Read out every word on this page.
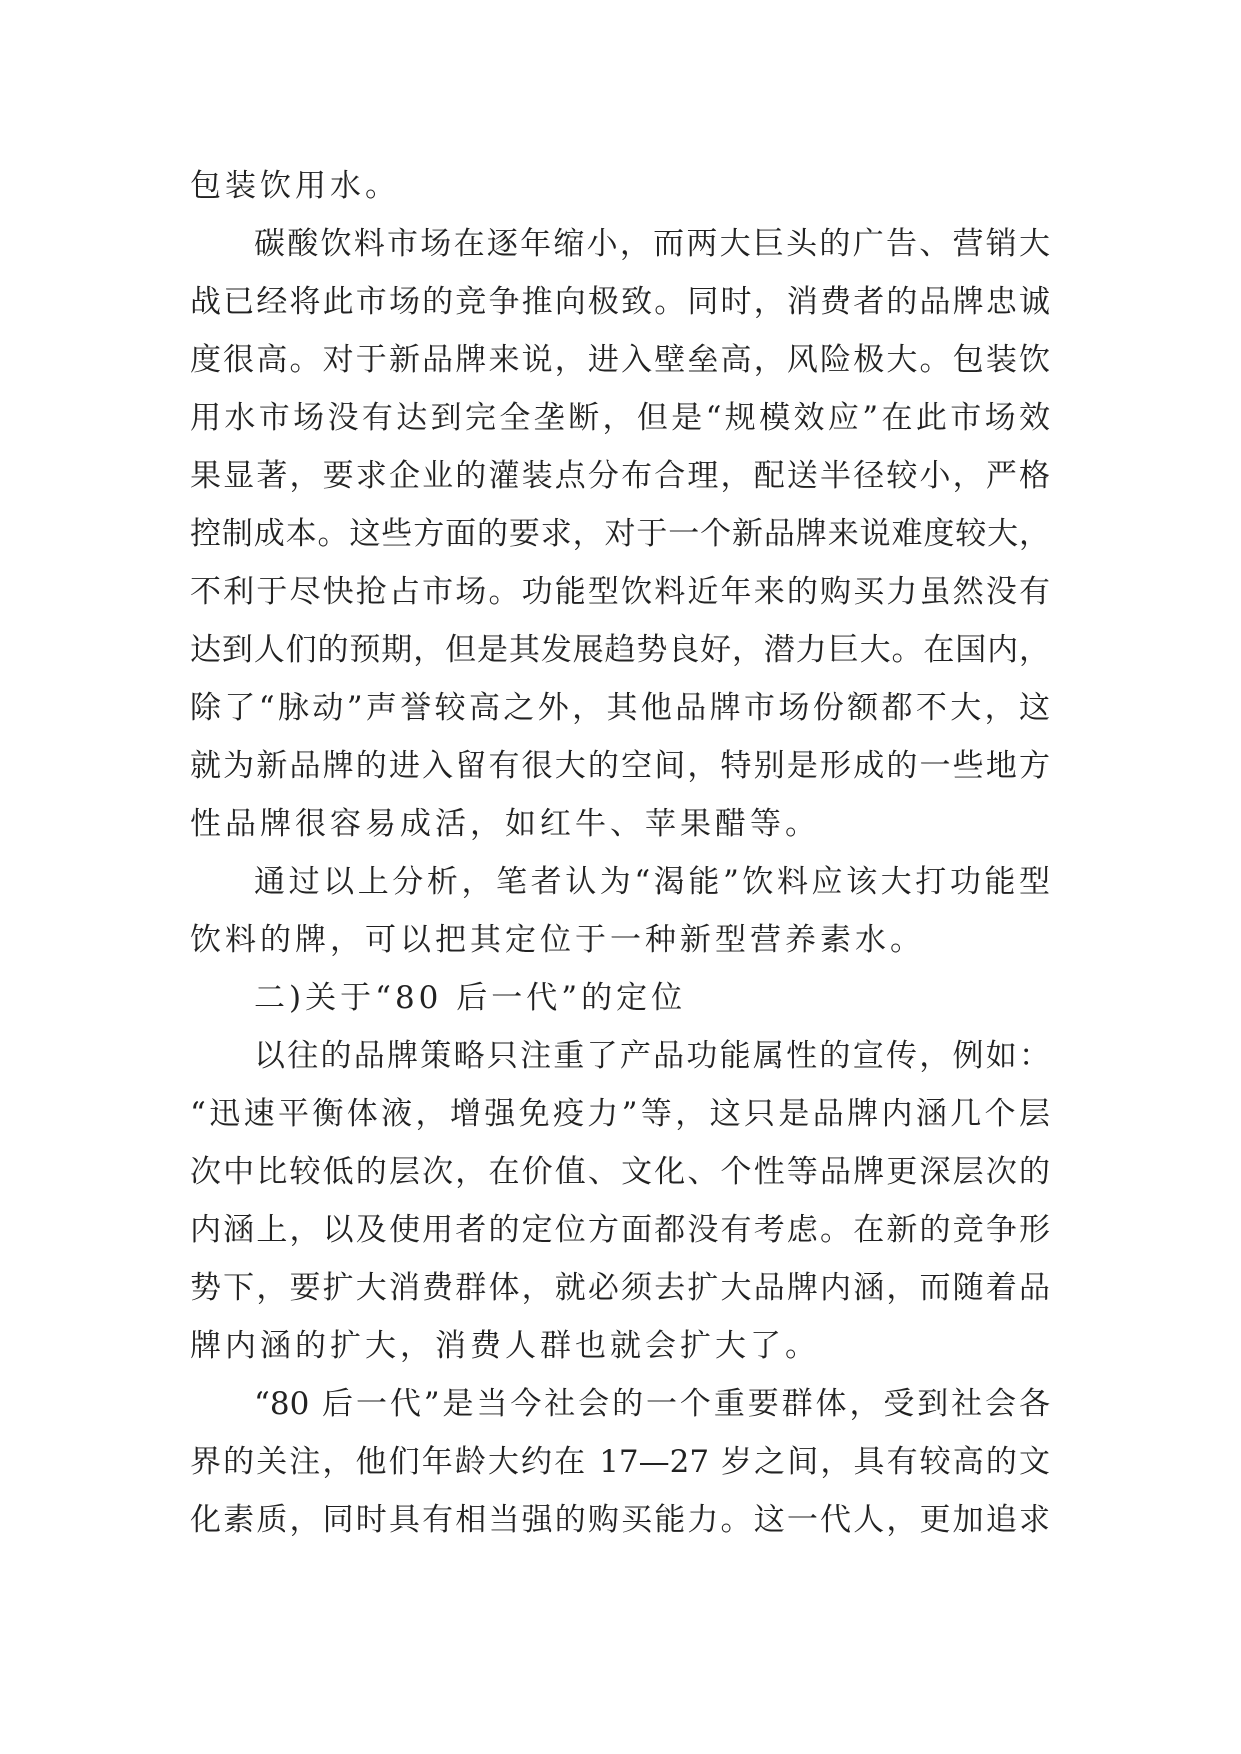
包装饮用水。
碳酸饮料市场在逐年缩小，而两大巨头的广告、营销大
战已经将此市场的竞争推向极致。同时，消费者的品牌忠诚
度很高。对于新品牌来说，进入壁垒高，风险极大。包装饮
用水市场没有达到完全垄断，但是“规模效应”在此市场效
果显著，要求企业的灌装点分布合理，配送半径较小，严格
控制成本。这些方面的要求，对于一个新品牌来说难度较大，
不利于尽快抢占市场。功能型饮料近年来的购买力虽然没有
达到人们的预期，但是其发展趋势良好，潜力巨大。在国内，
除了“脉动”声誉较高之外，其他品牌市场份额都不大，这
就为新品牌的进入留有很大的空间，特别是形成的一些地方
性品牌很容易成活，如红牛、苹果醋等。
通过以上分析，笔者认为“渴能”饮料应该大打功能型
饮料的牌，可以把其定位于一种新型营养素水。
二)关于“80 后一代”的定位
以往的品牌策略只注重了产品功能属性的宣传，例如：
“迅速平衡体液，增强免疫力”等，这只是品牌内涵几个层
次中比较低的层次，在价值、文化、个性等品牌更深层次的
内涵上，以及使用者的定位方面都没有考虑。在新的竞争形
势下，要扩大消费群体，就必须去扩大品牌内涵，而随着品
牌内涵的扩大，消费人群也就会扩大了。
“80 后一代”是当今社会的一个重要群体，受到社会各
界的关注，他们年龄大约在 17—27 岁之间，具有较高的文
化素质，同时具有相当强的购买能力。这一代人，更加追求
